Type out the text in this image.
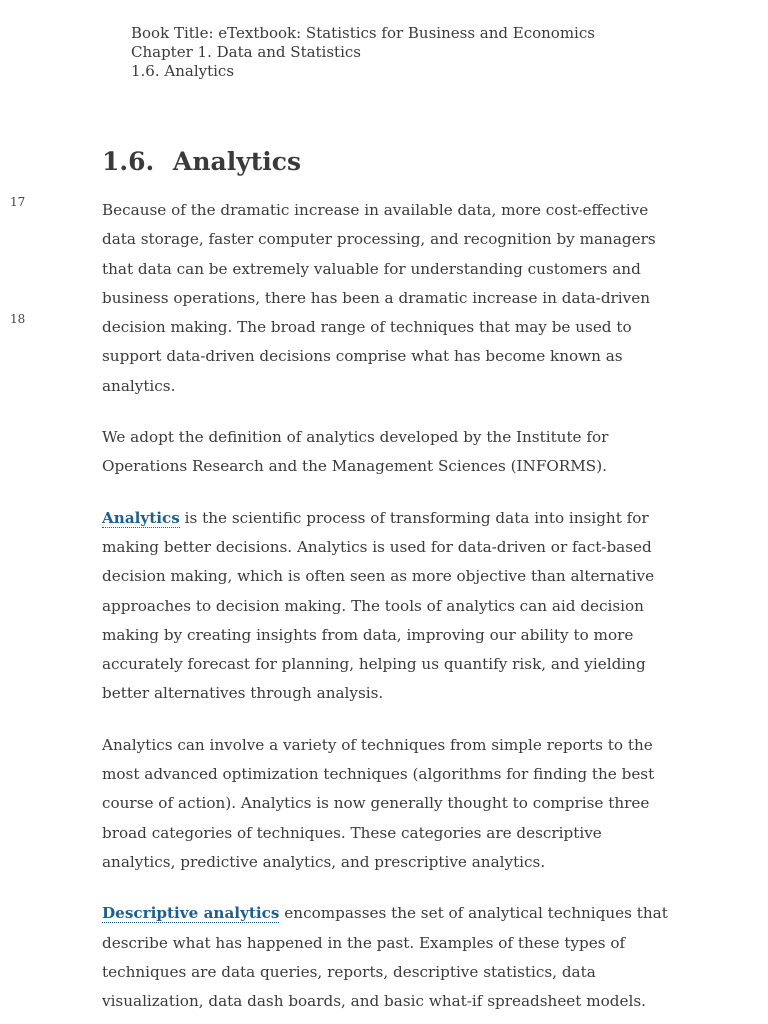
Book Title: eTextbook: Statistics for Business and Economics
Chapter 1. Data and Statistics
1.6. Analytics
17
18
1.6. Analytics

Because of the dramatic increase in available data, more cost-effective data storage, faster computer processing, and recognition by managers that data can be extremely valuable for understanding customers and business operations, there has been a dramatic increase in data-driven decision making. The broad range of techniques that may be used to support data-driven decisions comprise what has become known as analytics.

We adopt the definition of analytics developed by the Institute for Operations Research and the Management Sciences (INFORMS).

Analytics is the scientific process of transforming data into insight for making better decisions. Analytics is used for data-driven or fact-based decision making, which is often seen as more objective than alternative approaches to decision making. The tools of analytics can aid decision making by creating insights from data, improving our ability to more accurately forecast for planning, helping us quantify risk, and yielding better alternatives through analysis.

Analytics can involve a variety of techniques from simple reports to the most advanced optimization techniques (algorithms for finding the best course of action). Analytics is now generally thought to comprise three broad categories of techniques. These categories are descriptive analytics, predictive analytics, and prescriptive analytics.

Descriptive analytics encompasses the set of analytical techniques that describe what has happened in the past. Examples of these types of techniques are data queries, reports, descriptive statistics, data visualization, data dash boards, and basic what-if spreadsheet models.
